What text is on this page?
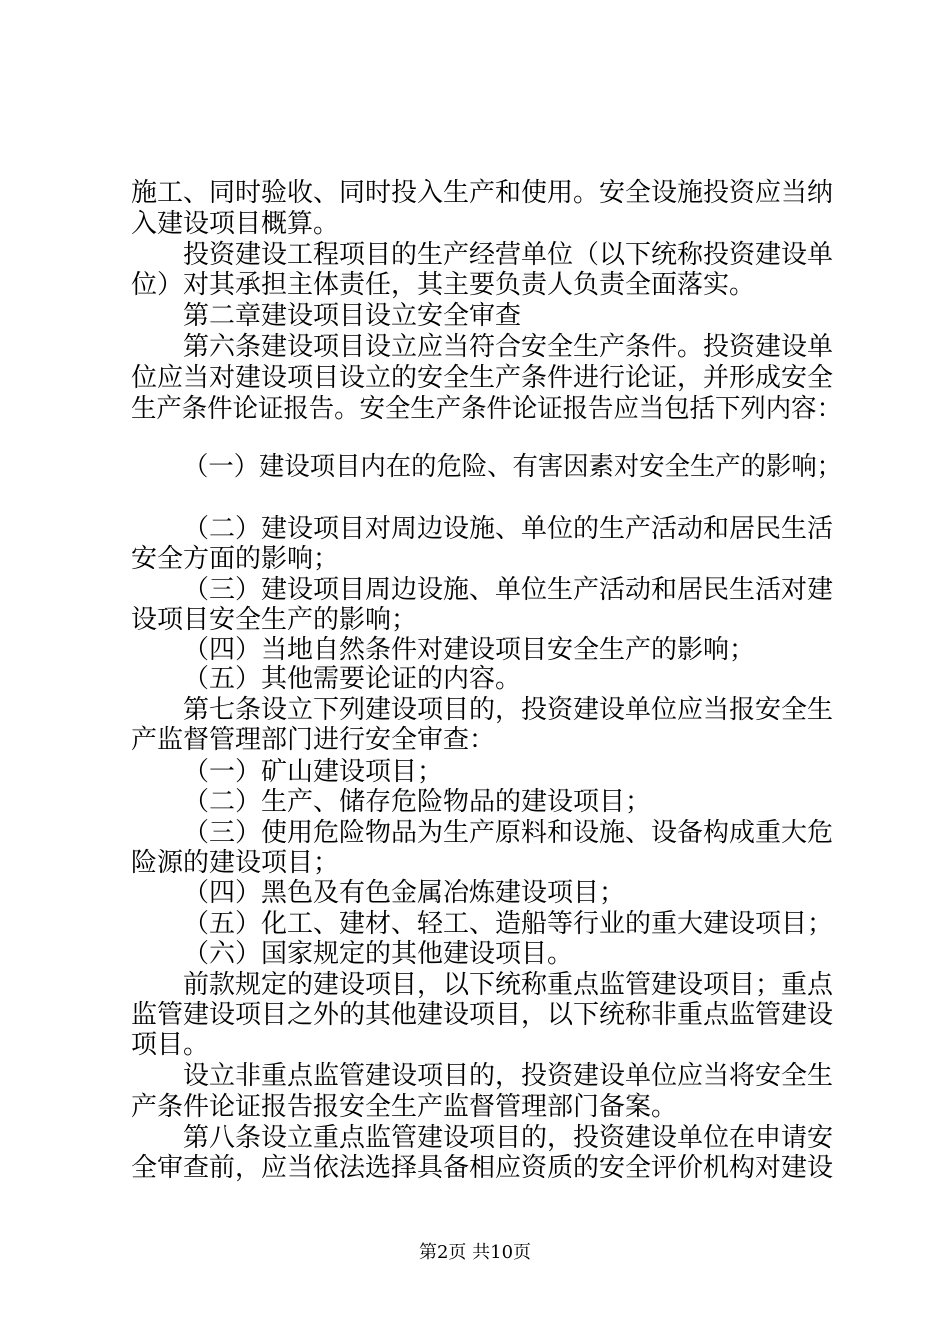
施工、同时验收、同时投入生产和使用。安全设施投资应当纳
入建设项目概算。
投资建设工程项目的生产经营单位（以下统称投资建设单
位）对其承担主体责任，其主要负责人负责全面落实。
第二章建设项目设立安全审查
第六条建设项目设立应当符合安全生产条件。投资建设单
位应当对建设项目设立的安全生产条件进行论证，并形成安全
生产条件论证报告。安全生产条件论证报告应当包括下列内容：
（一）建设项目内在的危险、有害因素对安全生产的影响；
（二）建设项目对周边设施、单位的生产活动和居民生活
安全方面的影响；
（三）建设项目周边设施、单位生产活动和居民生活对建
设项目安全生产的影响；
（四）当地自然条件对建设项目安全生产的影响；
（五）其他需要论证的内容。
第七条设立下列建设项目的，投资建设单位应当报安全生
产监督管理部门进行安全审查：
（一）矿山建设项目；
（二）生产、储存危险物品的建设项目；
（三）使用危险物品为生产原料和设施、设备构成重大危
险源的建设项目；
（四）黑色及有色金属冶炼建设项目；
（五）化工、建材、轻工、造船等行业的重大建设项目；
（六）国家规定的其他建设项目。
前款规定的建设项目，以下统称重点监管建设项目；重点
监管建设项目之外的其他建设项目，以下统称非重点监管建设
项目。
设立非重点监管建设项目的，投资建设单位应当将安全生
产条件论证报告报安全生产监督管理部门备案。
第八条设立重点监管建设项目的，投资建设单位在申请安
全审查前，应当依法选择具备相应资质的安全评价机构对建设
第2页 共10页
